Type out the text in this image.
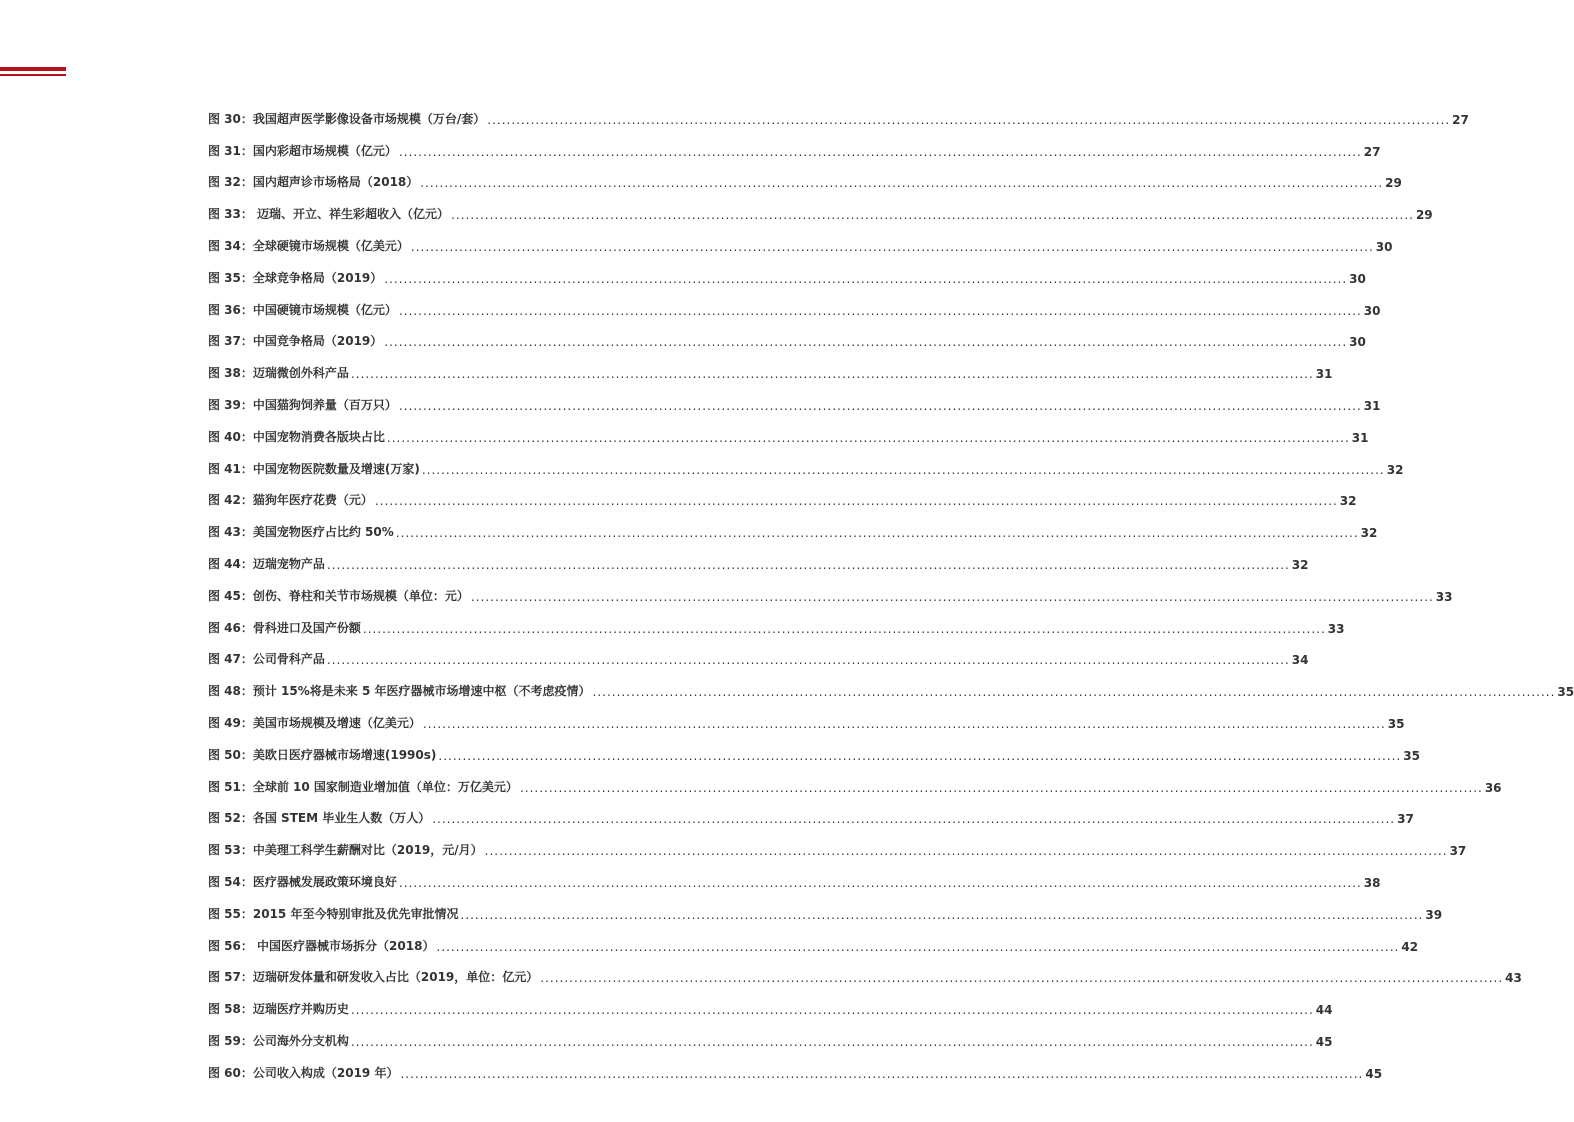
图 30：我国超声医学影像设备市场规模（万台/套） ........................................................................................................................................................................................................ 27
图 31：国内彩超市场规模（亿元） ........................................................................................................................................................................................................ 27
图 32：国内超声诊市场格局（2018） ........................................................................................................................................................................................................ 29
图 33： 迈瑞、开立、祥生彩超收入（亿元） ........................................................................................................................................................................................................ 29
图 34：全球硬镜市场规模（亿美元） ........................................................................................................................................................................................................ 30
图 35：全球竞争格局（2019） ........................................................................................................................................................................................................ 30
图 36：中国硬镜市场规模（亿元） ........................................................................................................................................................................................................ 30
图 37：中国竞争格局（2019） ........................................................................................................................................................................................................ 30
图 38：迈瑞微创外科产品 ........................................................................................................................................................................................................ 31
图 39：中国猫狗饲养量（百万只） ........................................................................................................................................................................................................ 31
图 40：中国宠物消费各版块占比 ........................................................................................................................................................................................................ 31
图 41：中国宠物医院数量及增速(万家) ........................................................................................................................................................................................................ 32
图 42：猫狗年医疗花费（元） ........................................................................................................................................................................................................ 32
图 43：美国宠物医疗占比约 50% ........................................................................................................................................................................................................ 32
图 44：迈瑞宠物产品 ........................................................................................................................................................................................................ 32
图 45：创伤、脊柱和关节市场规模（单位：元） ........................................................................................................................................................................................................ 33
图 46：骨科进口及国产份额 ........................................................................................................................................................................................................ 33
图 47：公司骨科产品 ........................................................................................................................................................................................................ 34
图 48：预计 15%将是未来 5 年医疗器械市场增速中枢（不考虑疫情） ........................................................................................................................................................................................................ 35
图 49：美国市场规模及增速（亿美元） ........................................................................................................................................................................................................ 35
图 50：美欧日医疗器械市场增速(1990s) ........................................................................................................................................................................................................ 35
图 51：全球前 10 国家制造业增加值（单位：万亿美元） ........................................................................................................................................................................................................ 36
图 52：各国 STEM 毕业生人数（万人） ........................................................................................................................................................................................................ 37
图 53：中美理工科学生薪酬对比（2019，元/月） ........................................................................................................................................................................................................ 37
图 54：医疗器械发展政策环境良好 ........................................................................................................................................................................................................ 38
图 55：2015 年至今特别审批及优先审批情况 ........................................................................................................................................................................................................ 39
图 56： 中国医疗器械市场拆分（2018） ........................................................................................................................................................................................................ 42
图 57：迈瑞研发体量和研发收入占比（2019，单位：亿元） ........................................................................................................................................................................................................ 43
图 58：迈瑞医疗并购历史 ........................................................................................................................................................................................................ 44
图 59：公司海外分支机构 ........................................................................................................................................................................................................ 45
图 60：公司收入构成（2019 年） ........................................................................................................................................................................................................ 45
